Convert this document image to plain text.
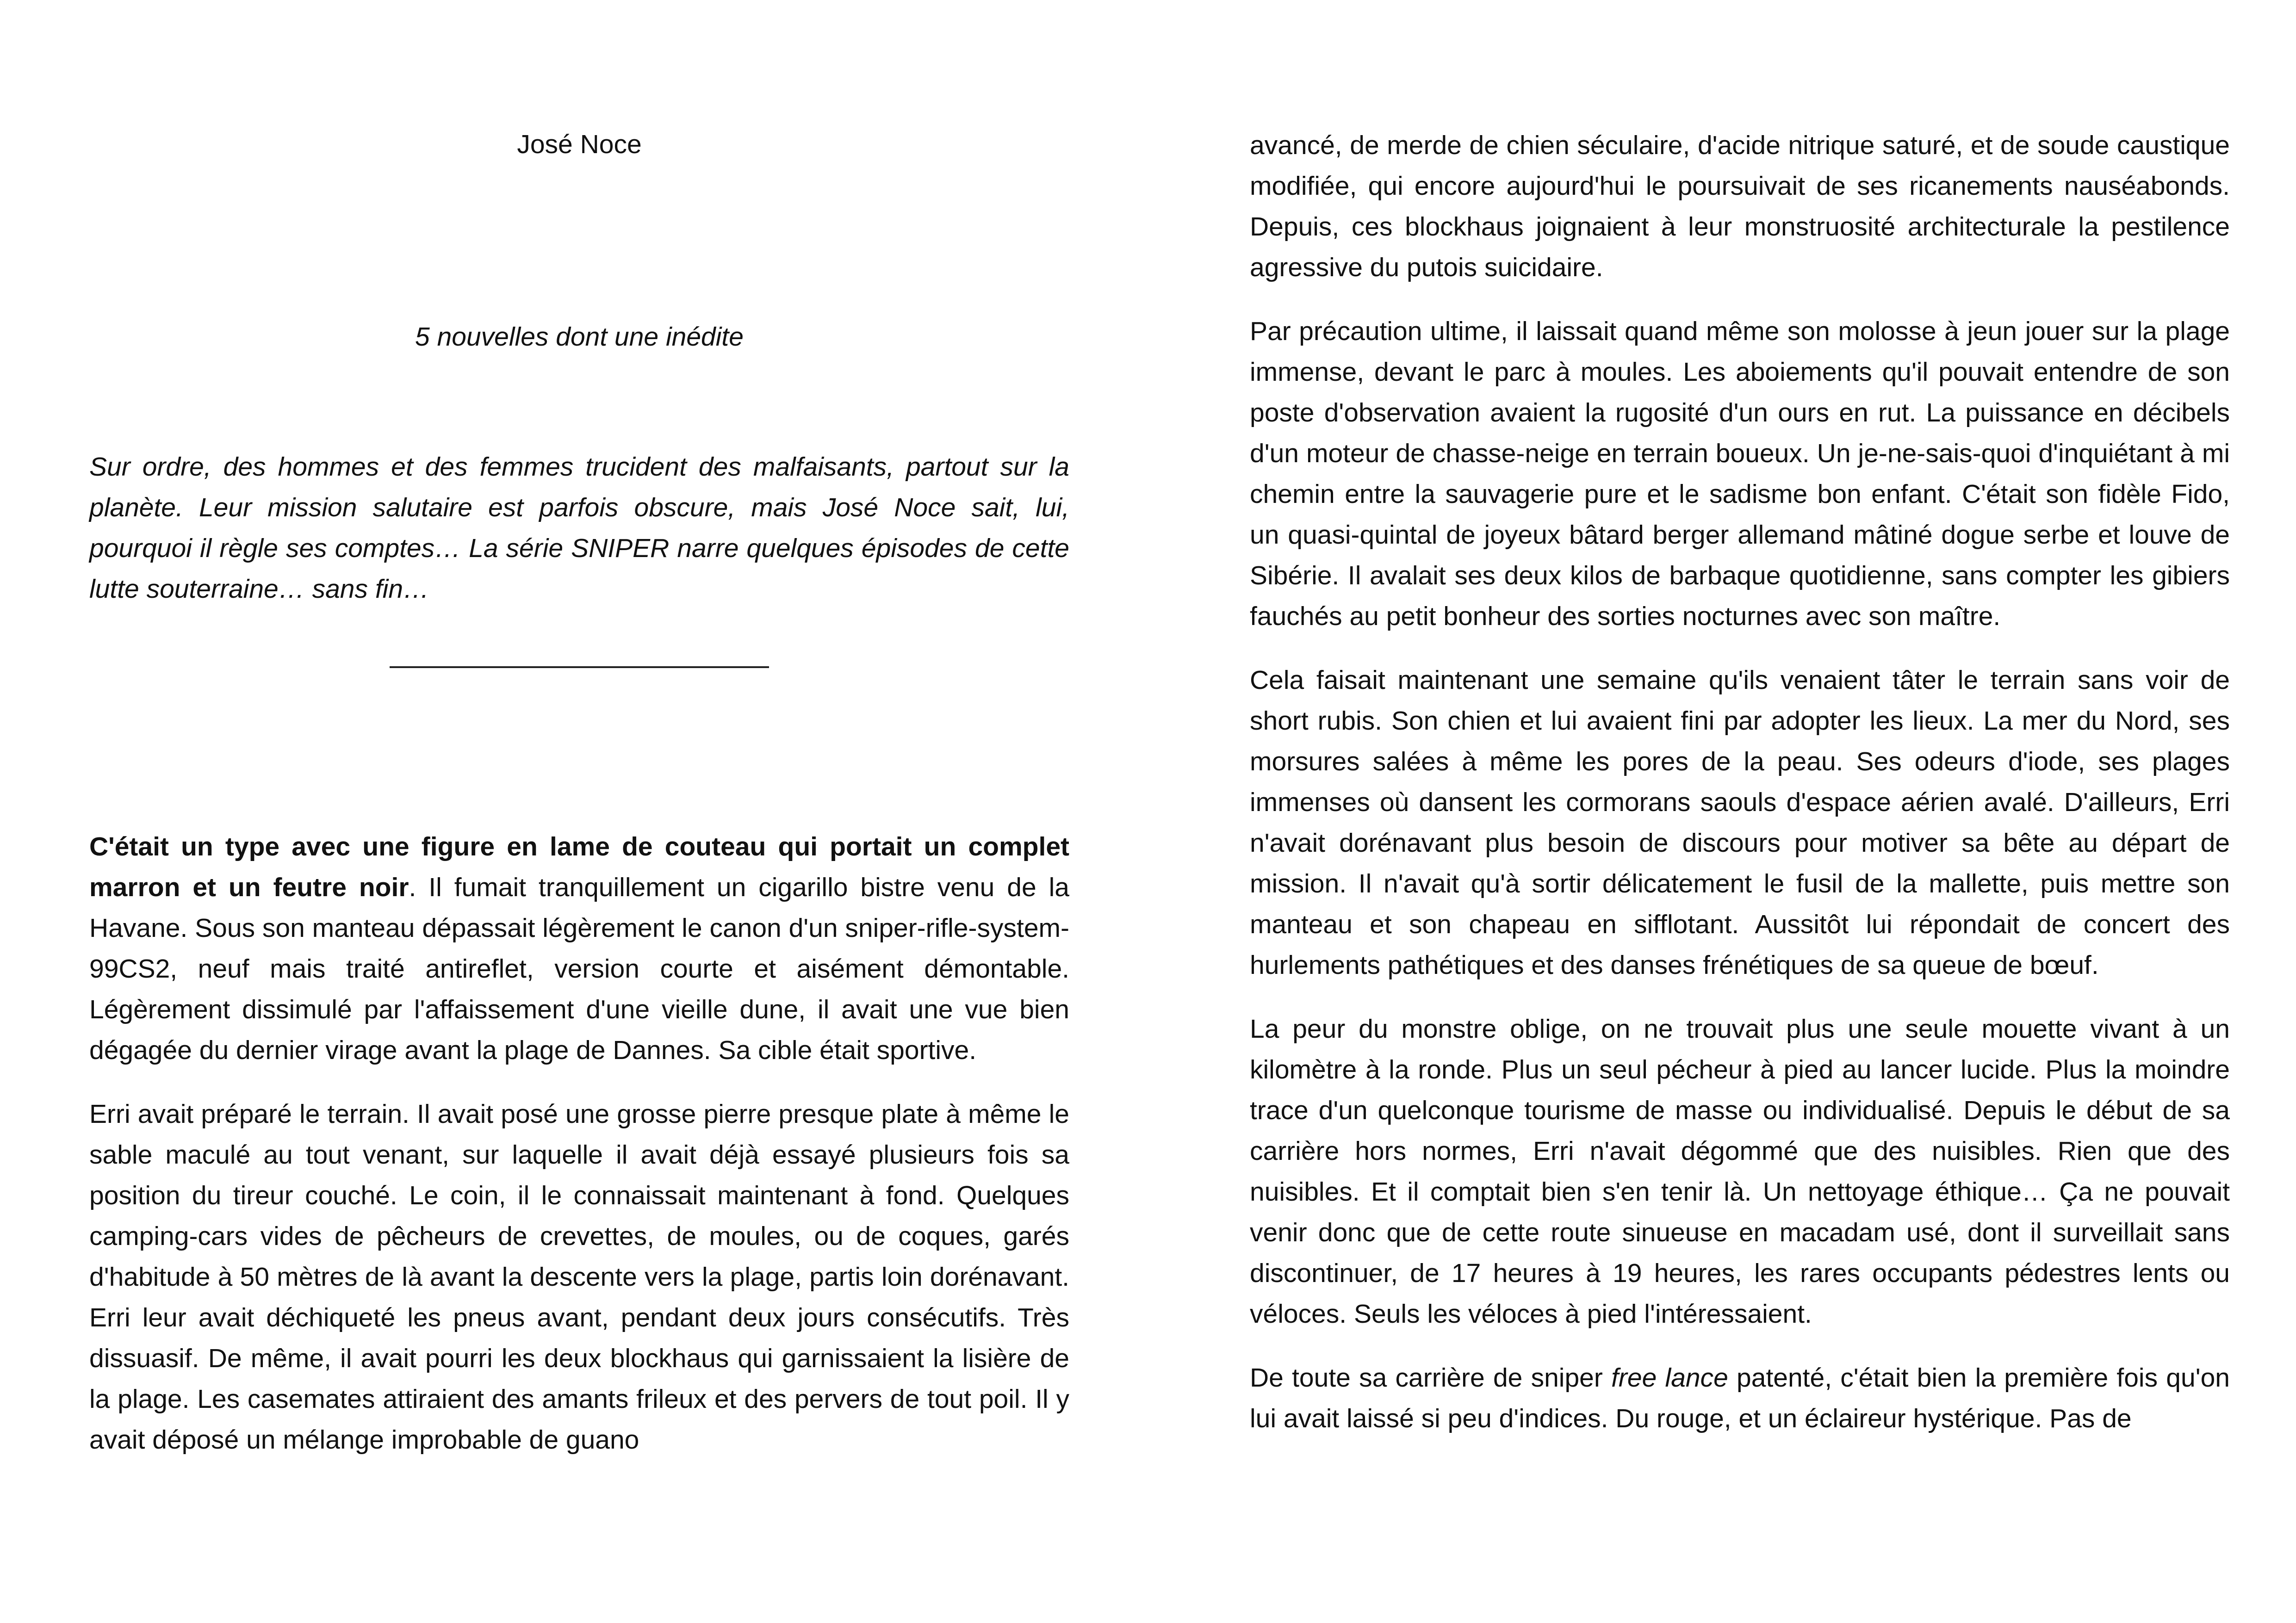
José Noce
5 nouvelles dont une inédite

Sur ordre, des hommes et des femmes trucident des malfaisants, partout sur la planète. Leur mission salutaire est parfois obscure, mais José Noce sait, lui, pourquoi il règle ses comptes… La série SNIPER narre quelques épisodes de cette lutte souterraine… sans fin…

C'était un type avec une figure en lame de couteau qui portait un complet marron et un feutre noir. Il fumait tranquillement un cigarillo bistre venu de la Havane. Sous son manteau dépassait légèrement le canon d'un sniper-rifle-system-99CS2, neuf mais traité antireflet, version courte et aisément démontable. Légèrement dissimulé par l'affaissement d'une vieille dune, il avait une vue bien dégagée du dernier virage avant la plage de Dannes. Sa cible était sportive.

Erri avait préparé le terrain. Il avait posé une grosse pierre presque plate à même le sable maculé au tout venant, sur laquelle il avait déjà essayé plusieurs fois sa position du tireur couché. Le coin, il le connaissait maintenant à fond. Quelques camping-cars vides de pêcheurs de crevettes, de moules, ou de coques, garés d'habitude à 50 mètres de là avant la descente vers la plage, partis loin dorénavant. Erri leur avait déchiqueté les pneus avant, pendant deux jours consécutifs. Très dissuasif. De même, il avait pourri les deux blockhaus qui garnissaient la lisière de la plage. Les casemates attiraient des amants frileux et des pervers de tout poil. Il y avait déposé un mélange improbable de guano

avancé, de merde de chien séculaire, d'acide nitrique saturé, et de soude caustique modifiée, qui encore aujourd'hui le poursuivait de ses ricanements nauséabonds. Depuis, ces blockhaus joignaient à leur monstruosité architecturale la pestilence agressive du putois suicidaire.

Par précaution ultime, il laissait quand même son molosse à jeun jouer sur la plage immense, devant le parc à moules. Les aboiements qu'il pouvait entendre de son poste d'observation avaient la rugosité d'un ours en rut. La puissance en décibels d'un moteur de chasse-neige en terrain boueux. Un je-ne-sais-quoi d'inquiétant à mi chemin entre la sauvagerie pure et le sadisme bon enfant. C'était son fidèle Fido, un quasi-quintal de joyeux bâtard berger allemand mâtiné dogue serbe et louve de Sibérie. Il avalait ses deux kilos de barbaque quotidienne, sans compter les gibiers fauchés au petit bonheur des sorties nocturnes avec son maître.

Cela faisait maintenant une semaine qu'ils venaient tâter le terrain sans voir de short rubis. Son chien et lui avaient fini par adopter les lieux. La mer du Nord, ses morsures salées à même les pores de la peau. Ses odeurs d'iode, ses plages immenses où dansent les cormorans saouls d'espace aérien avalé. D'ailleurs, Erri n'avait dorénavant plus besoin de discours pour motiver sa bête au départ de mission. Il n'avait qu'à sortir délicatement le fusil de la mallette, puis mettre son manteau et son chapeau en sifflotant. Aussitôt lui répondait de concert des hurlements pathétiques et des danses frénétiques de sa queue de bœuf.

La peur du monstre oblige, on ne trouvait plus une seule mouette vivant à un kilomètre à la ronde. Plus un seul pécheur à pied au lancer lucide. Plus la moindre trace d'un quelconque tourisme de masse ou individualisé. Depuis le début de sa carrière hors normes, Erri n'avait dégommé que des nuisibles. Rien que des nuisibles. Et il comptait bien s'en tenir là. Un nettoyage éthique… Ça ne pouvait venir donc que de cette route sinueuse en macadam usé, dont il surveillait sans discontinuer, de 17 heures à 19 heures, les rares occupants pédestres lents ou véloces. Seuls les véloces à pied l'intéressaient.

De toute sa carrière de sniper free lance patenté, c'était bien la première fois qu'on lui avait laissé si peu d'indices. Du rouge, et un éclaireur hystérique. Pas de
